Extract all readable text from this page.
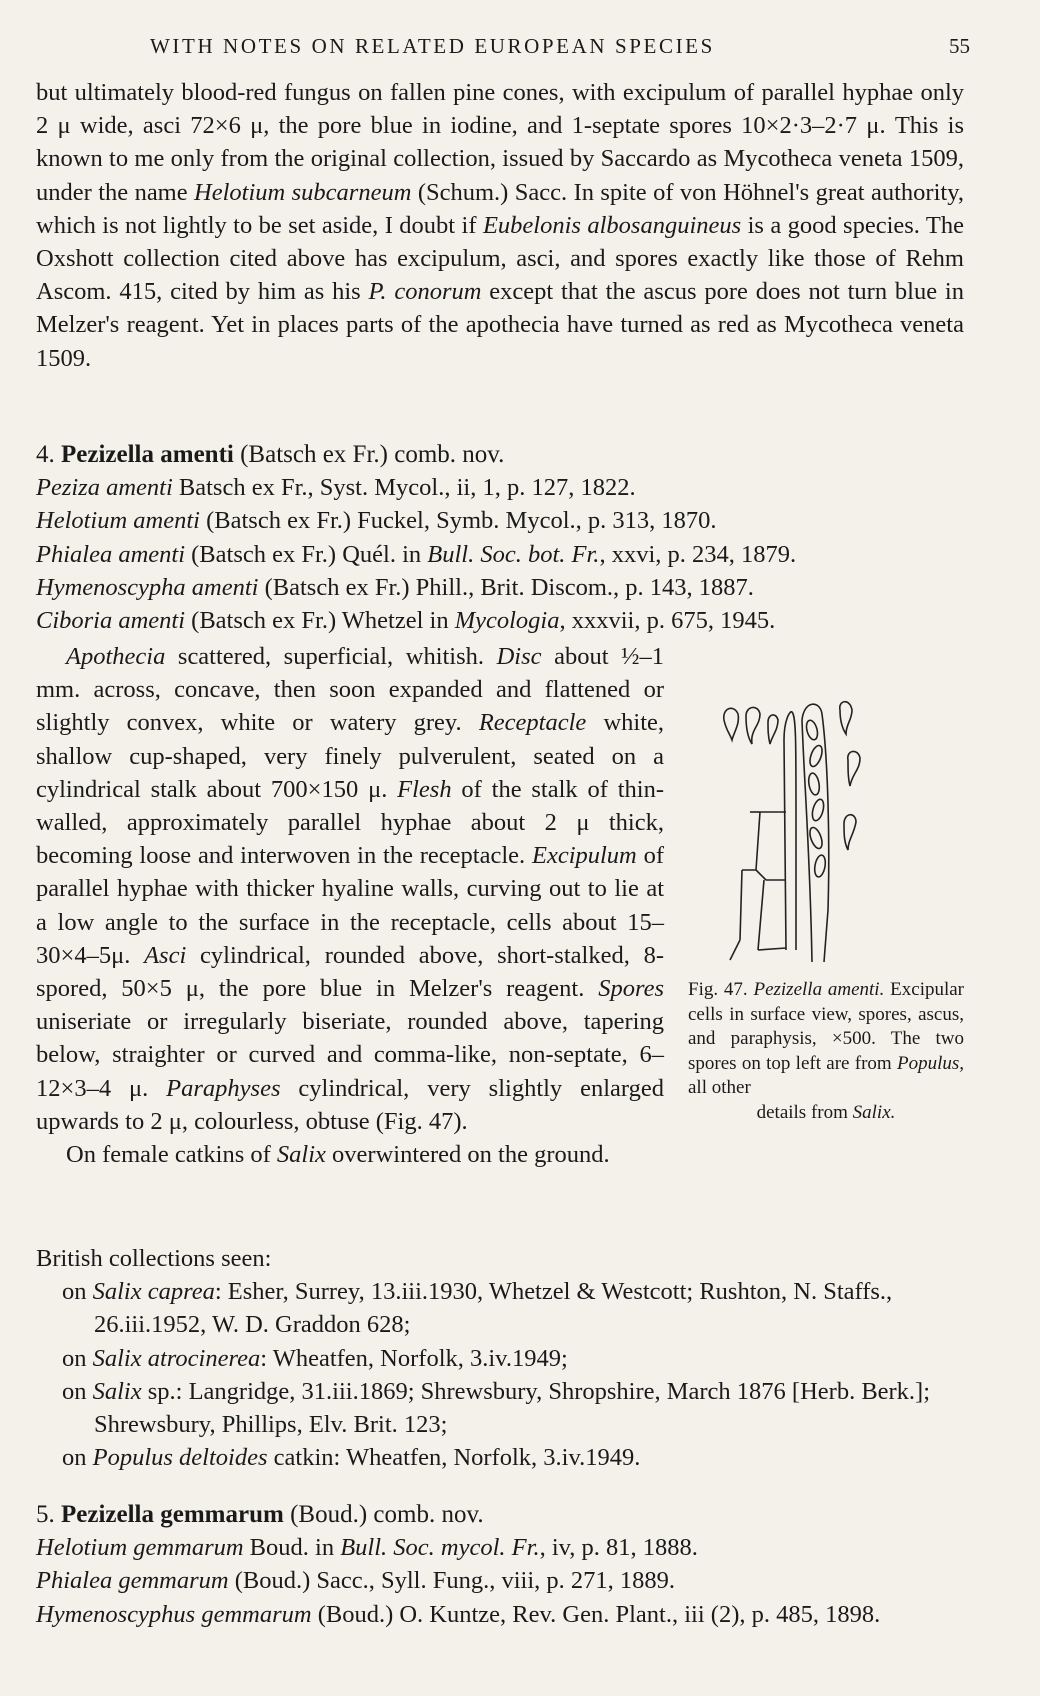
WITH NOTES ON RELATED EUROPEAN SPECIES	55

but ultimately blood-red fungus on fallen pine cones, with excipulum of parallel hyphae only 2 μ wide, asci 72×6 μ, the pore blue in iodine, and 1-septate spores 10×2·3–2·7 μ. This is known to me only from the original collection, issued by Saccardo as Mycotheca veneta 1509, under the name Helotium subcarneum (Schum.) Sacc. In spite of von Höhnel's great authority, which is not lightly to be set aside, I doubt if Eubelonis albosanguineus is a good species. The Oxshott collection cited above has excipulum, asci, and spores exactly like those of Rehm Ascom. 415, cited by him as his P. conorum except that the ascus pore does not turn blue in Melzer's reagent. Yet in places parts of the apothecia have turned as red as Mycotheca veneta 1509.

4. Pezizella amenti (Batsch ex Fr.) comb. nov.

Peziza amenti Batsch ex Fr., Syst. Mycol., ii, 1, p. 127, 1822.

Helotium amenti (Batsch ex Fr.) Fuckel, Symb. Mycol., p. 313, 1870.

Phialea amenti (Batsch ex Fr.) Quél. in Bull. Soc. bot. Fr., xxvi, p. 234, 1879.

Hymenoscypha amenti (Batsch ex Fr.) Phill., Brit. Discom., p. 143, 1887.

Ciboria amenti (Batsch ex Fr.) Whetzel in Mycologia, xxxvii, p. 675, 1945.

Fig. 47. Pezizella amenti. Excipular cells in surface view, spores, ascus, and paraphysis, ×500. The two spores on top left are from Populus, all other
details from Salix.

Apothecia scattered, superficial, whitish. Disc about ½–1 mm. across, concave, then soon expanded and flattened or slightly convex, white or watery grey. Receptacle white, shallow cup-shaped, very finely pulverulent, seated on a cylindrical stalk about 700×150 μ. Flesh of the stalk of thin-walled, approximately parallel hyphae about 2 μ thick, becoming loose and interwoven in the receptacle. Excipulum of parallel hyphae with thicker hyaline walls, curving out to lie at a low angle to the surface in the receptacle, cells about 15–30×4–5μ. Asci cylindrical, rounded above, short-stalked, 8-spored, 50×5 μ, the pore blue in Melzer's reagent. Spores uniseriate or irregularly biseriate, rounded above, tapering below, straighter or curved and comma-like, non-septate, 6–12×3–4 μ. Paraphyses cylindrical, very slightly enlarged upwards to 2 μ, colourless, obtuse (Fig. 47).

On female catkins of Salix overwintered on the ground.

British collections seen:

on Salix caprea: Esher, Surrey, 13.iii.1930, Whetzel & Westcott; Rushton, N. Staffs., 26.iii.1952, W. D. Graddon 628;

on Salix atrocinerea: Wheatfen, Norfolk, 3.iv.1949;

on Salix sp.: Langridge, 31.iii.1869; Shrewsbury, Shropshire, March 1876 [Herb. Berk.]; Shrewsbury, Phillips, Elv. Brit. 123;

on Populus deltoides catkin: Wheatfen, Norfolk, 3.iv.1949.

5. Pezizella gemmarum (Boud.) comb. nov.

Helotium gemmarum Boud. in Bull. Soc. mycol. Fr., iv, p. 81, 1888.

Phialea gemmarum (Boud.) Sacc., Syll. Fung., viii, p. 271, 1889.

Hymenoscyphus gemmarum (Boud.) O. Kuntze, Rev. Gen. Plant., iii (2), p. 485, 1898.
